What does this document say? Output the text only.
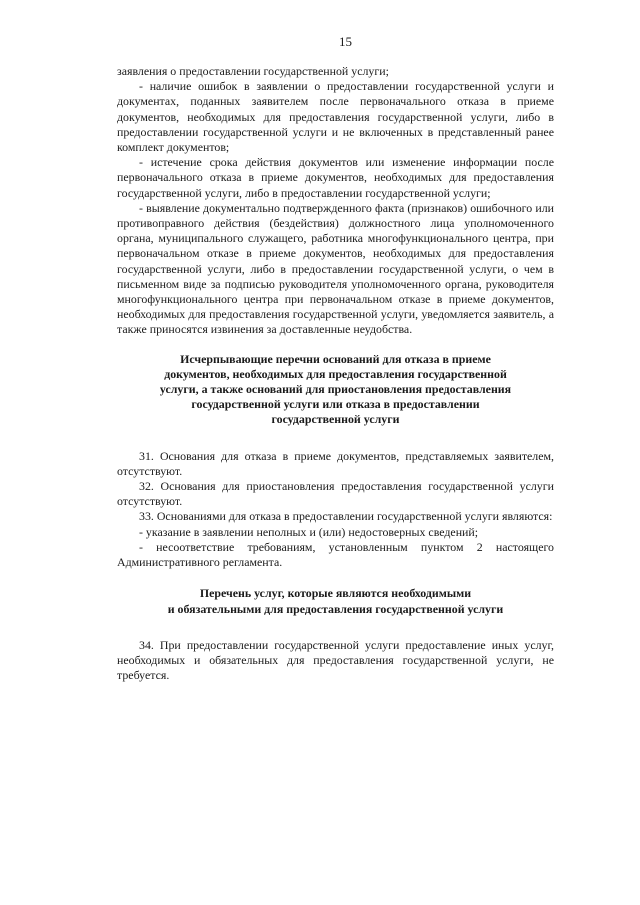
15

заявления о предоставлении государственной услуги;

- наличие ошибок в заявлении о предоставлении государственной услуги и документах, поданных заявителем после первоначального отказа в приеме документов, необходимых для предоставления государственной услуги, либо в предоставлении государственной услуги и не включенных в представленный ранее комплект документов;

- истечение срока действия документов или изменение информации после первоначального отказа в приеме документов, необходимых для предоставления государственной услуги, либо в предоставлении государственной услуги;

- выявление документально подтвержденного факта (признаков) ошибочного или противоправного действия (бездействия) должностного лица уполномоченного органа, муниципального служащего, работника многофункционального центра, при первоначальном отказе в приеме документов, необходимых для предоставления государственной услуги, либо в предоставлении государственной услуги, о чем в письменном виде за подписью руководителя уполномоченного органа, руководителя многофункционального центра при первоначальном отказе в приеме документов, необходимых для предоставления государственной услуги, уведомляется заявитель, а также приносятся извинения за доставленные неудобства.

Исчерпывающие перечни оснований для отказа в приеме
документов, необходимых для предоставления государственной
услуги, а также оснований для приостановления предоставления
государственной услуги или отказа в предоставлении
государственной услуги

31. Основания для отказа в приеме документов, представляемых заявителем, отсутствуют.

32. Основания для приостановления предоставления государственной услуги отсутствуют.

33. Основаниями для отказа в предоставлении государственной услуги являются:

- указание в заявлении неполных и (или) недостоверных сведений;

- несоответствие требованиям, установленным пунктом 2 настоящего Административного регламента.

Перечень услуг, которые являются необходимыми
и обязательными для предоставления государственной услуги

34. При предоставлении государственной услуги предоставление иных услуг, необходимых и обязательных для предоставления государственной услуги, не требуется.
